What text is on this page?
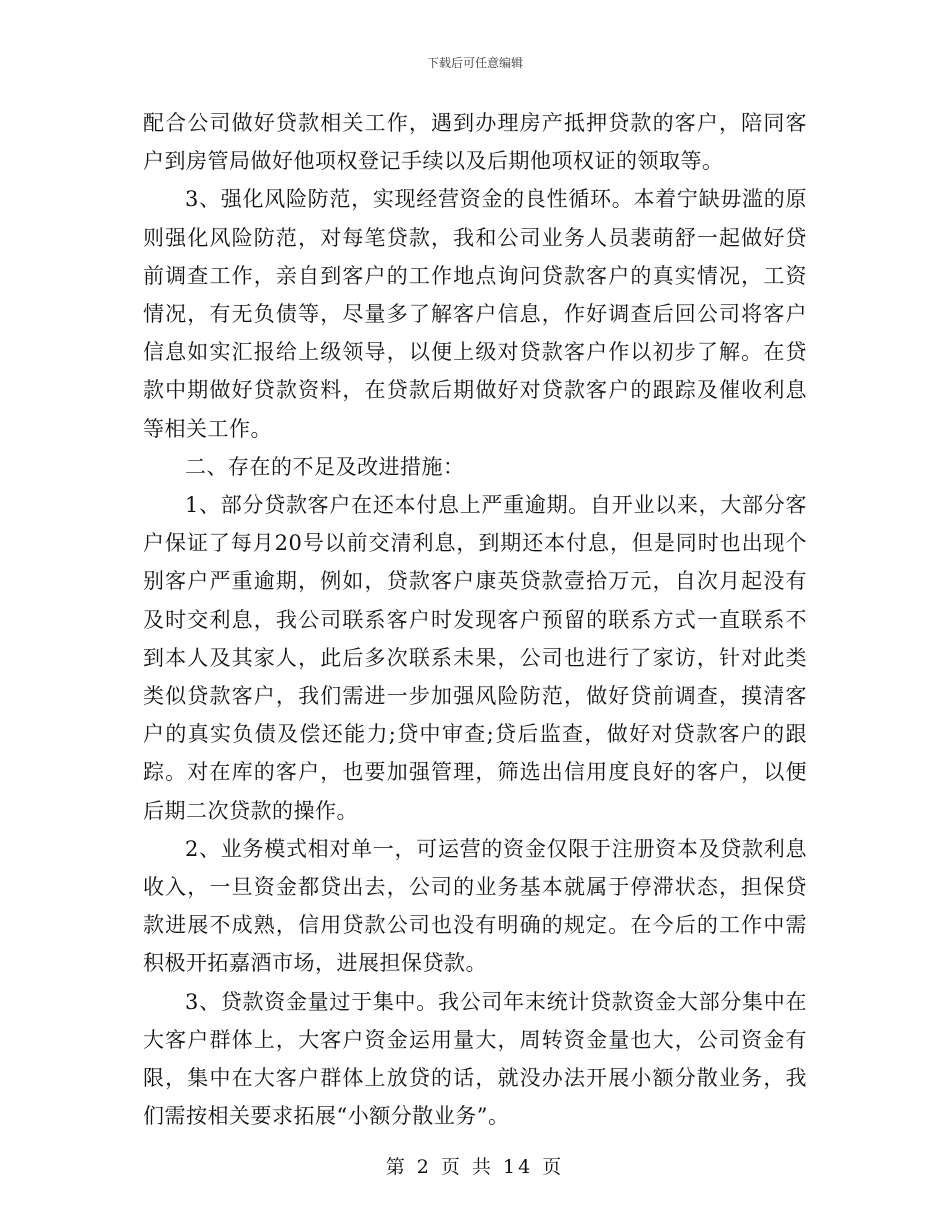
下载后可任意编辑

配合公司做好贷款相关工作，遇到办理房产抵押贷款的客户，陪同客户到房管局做好他项权登记手续以及后期他项权证的领取等。

3、强化风险防范，实现经营资金的良性循环。本着宁缺毋滥的原则强化风险防范，对每笔贷款，我和公司业务人员裴萌舒一起做好贷前调查工作，亲自到客户的工作地点询问贷款客户的真实情况，工资情况，有无负债等，尽量多了解客户信息，作好调查后回公司将客户信息如实汇报给上级领导，以便上级对贷款客户作以初步了解。在贷款中期做好贷款资料，在贷款后期做好对贷款客户的跟踪及催收利息等相关工作。

二、存在的不足及改进措施：

1、部分贷款客户在还本付息上严重逾期。自开业以来，大部分客户保证了每月20号以前交清利息，到期还本付息，但是同时也出现个别客户严重逾期，例如，贷款客户康英贷款壹拾万元，自次月起没有及时交利息，我公司联系客户时发现客户预留的联系方式一直联系不到本人及其家人，此后多次联系未果，公司也进行了家访，针对此类类似贷款客户，我们需进一步加强风险防范，做好贷前调查，摸清客户的真实负债及偿还能力;贷中审查;贷后监查，做好对贷款客户的跟踪。对在库的客户，也要加强管理，筛选出信用度良好的客户，以便后期二次贷款的操作。

2、业务模式相对单一，可运营的资金仅限于注册资本及贷款利息收入，一旦资金都贷出去，公司的业务基本就属于停滞状态，担保贷款进展不成熟，信用贷款公司也没有明确的规定。在今后的工作中需积极开拓嘉酒市场，进展担保贷款。

3、贷款资金量过于集中。我公司年末统计贷款资金大部分集中在大客户群体上，大客户资金运用量大，周转资金量也大，公司资金有限，集中在大客户群体上放贷的话，就没办法开展小额分散业务，我们需按相关要求拓展“小额分散业务”。

第 2 页 共 14 页
